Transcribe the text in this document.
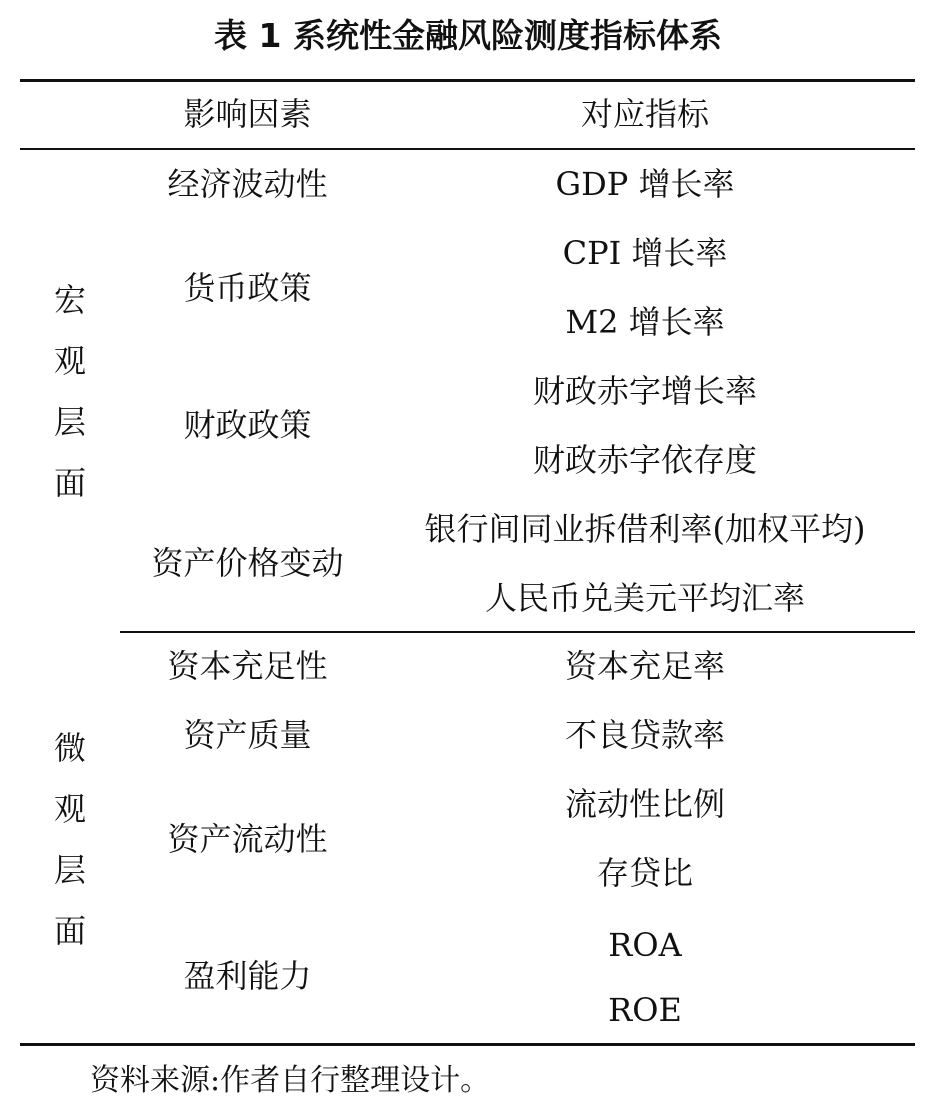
表 1 系统性金融风险测度指标体系
影响因素	对应指标
宏
观
层
面
经济波动性
货币政策
财政政策
资产价格变动
GDP 增长率
CPI 增长率
M2 增长率
财政赤字增长率
财政赤字依存度
银行间同业拆借利率(加权平均)
人民币兑美元平均汇率
微
观
层
面
资本充足性
资产质量
资产流动性
盈利能力
资本充足率
不良贷款率
流动性比例
存贷比
ROA
ROE
资料来源:作者自行整理设计。
